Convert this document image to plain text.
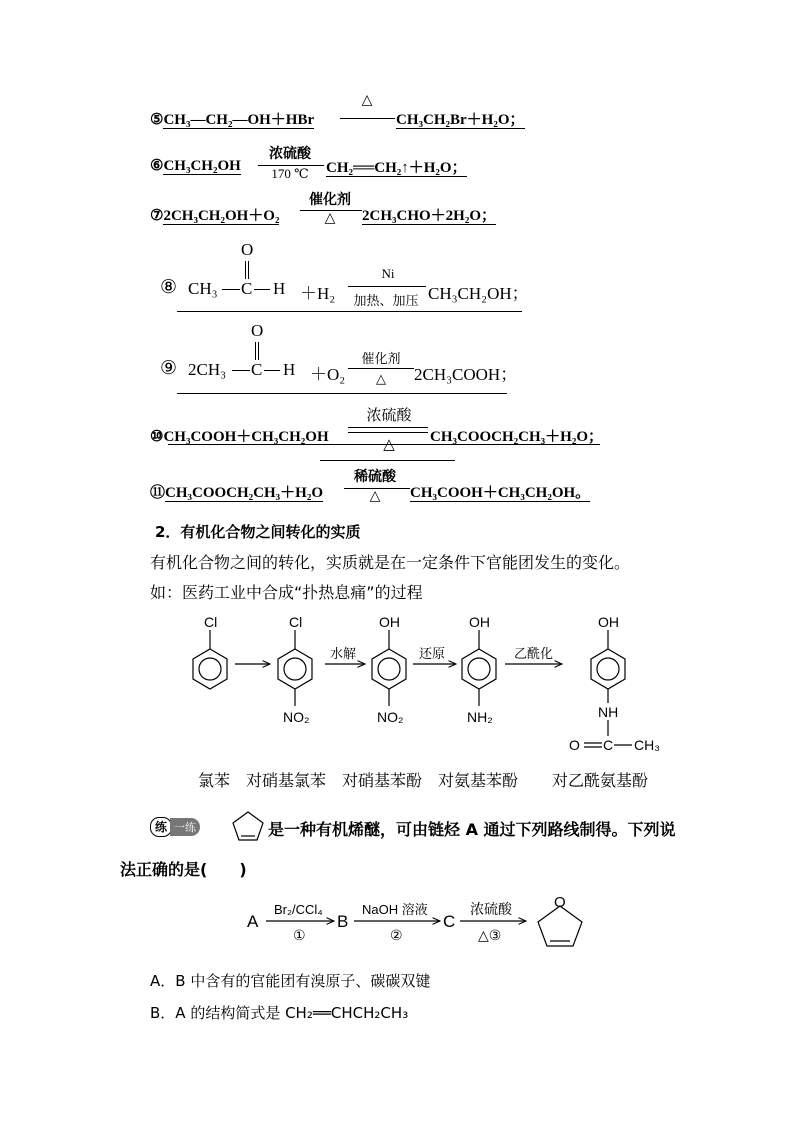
⑤CH₃—CH₂—OH＋HBr
△
CH₃CH₂Br＋H₂O；
⑥CH₃CH₂OH
浓硫酸
170 ℃	CH₂══CH₂↑＋H₂O；
⑦2CH₃CH₂OH＋O₂
催化剂
△	2CH₃CHO＋2H₂O；
⑧ CH₃ C
O
H ＋H₂
Ni
加热、加压 CH₃CH₂OH；
⑨ 2CH₃ C
O
H ＋O₂
催化剂
△	2CH₃COOH；
⑩CH₃COOH＋CH₃CH₂OH
浓硫酸
△	CH₃COOCH₂CH₃＋H₂O；
⑪CH₃COOCH₂CH₃＋H₂O
稀硫酸
△	CH₃COOH＋CH₃CH₂OH。
2．有机化合物之间转化的实质
有机化合物之间的转化，实质就是在一定条件下官能团发生的变化。
如：医药工业中合成“扑热息痛”的过程
Cl	Cl
NO₂
OH
NO₂
OH
NH₂
OH
NH
O C CH₃
水解	还原	乙酰化
氯苯 对硝基氯苯 对硝基苯酚 对氨基苯酚 对乙酰氨基酚
练 一练	是一种有机烯醚，可由链烃 A 通过下列路线制得。下列说
法正确的是(　　)
A	B	C
Br₂/CCl₄
①
NaOH 溶液
②
浓硫酸
△③
O
A．B 中含有的官能团有溴原子、碳碳双键
B．A 的结构简式是 CH₂══CHCH₂CH₃
